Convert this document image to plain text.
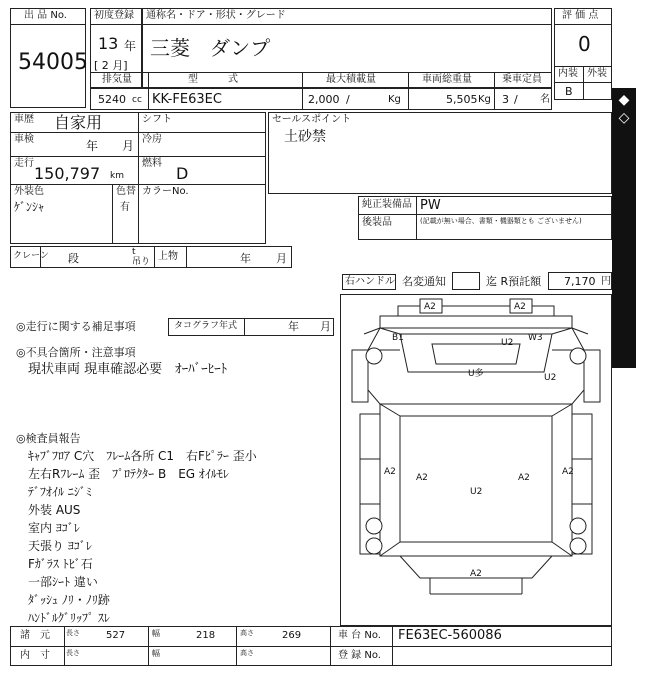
出 品 No.
54005
初度登録
13 年
[ 2 月]
通称名・ドア・形状・グレード
三菱　ダンプ
評 価 点
0
内装 外装
B
排気量
5240 cc
型　　　式
KK-FE63EC
最大積載量
2,000 /	Kg
車両総重量
5,505 Kg
乗車定員
3 / 名
車歴 自家用	シフト
車検	年 月 冷房
走行
150,797 km
燃料
D
外装色
ｹﾞﾝｼｬ
色替
有
カラーNo.
セールスポイント
土砂禁
純正装備品 PW
後装品	(記載が無い場合、書類・機器類とも ございません)
クレーン 段	t
吊り 上物	年 月
右ハンドル 名変通知	迄 R預託額 7,170 円
◎走行に関する補足事項	タコグラフ年式	年 月
◎不具合箇所・注意事項
現状車両 現車確認必要　ｵｰﾊﾞｰﾋｰﾄ
◎検査員報告
ｷｬﾌﾞﾌﾛｱ C穴　ﾌﾚｰﾑ各所 C1　右Fﾋﾟﾗｰ 歪小
左右Rﾌﾚｰﾑ 歪　ﾌﾟﾛﾃｸﾀｰ B　EG ｵｲﾙﾓﾚ
ﾃﾞﾌｵｲﾙ ﾆｼﾞﾐ
外装 AUS
室内 ﾖｺﾞﾚ
天張り ﾖｺﾞﾚ
Fｶﾞﾗｽ ﾄﾋﾞ石
一部ｼｰﾄ 違い
ﾀﾞｯｼｭ ﾉﾘ・ﾉﾘ跡
ﾊﾝﾄﾞﾙｸﾞﾘｯﾌﾟ ｽﾚ
◇◆　現車は関西会場にあります　◆◇
A2	A2
U2
B1	W3
U多	U2
A2
A2
U2
A2
A2
A2
諸　元 長さ	527	幅	218	高さ	269	車 台 No. FE63EC-560086
内　寸 長さ	幅	高さ	登 録 No.
